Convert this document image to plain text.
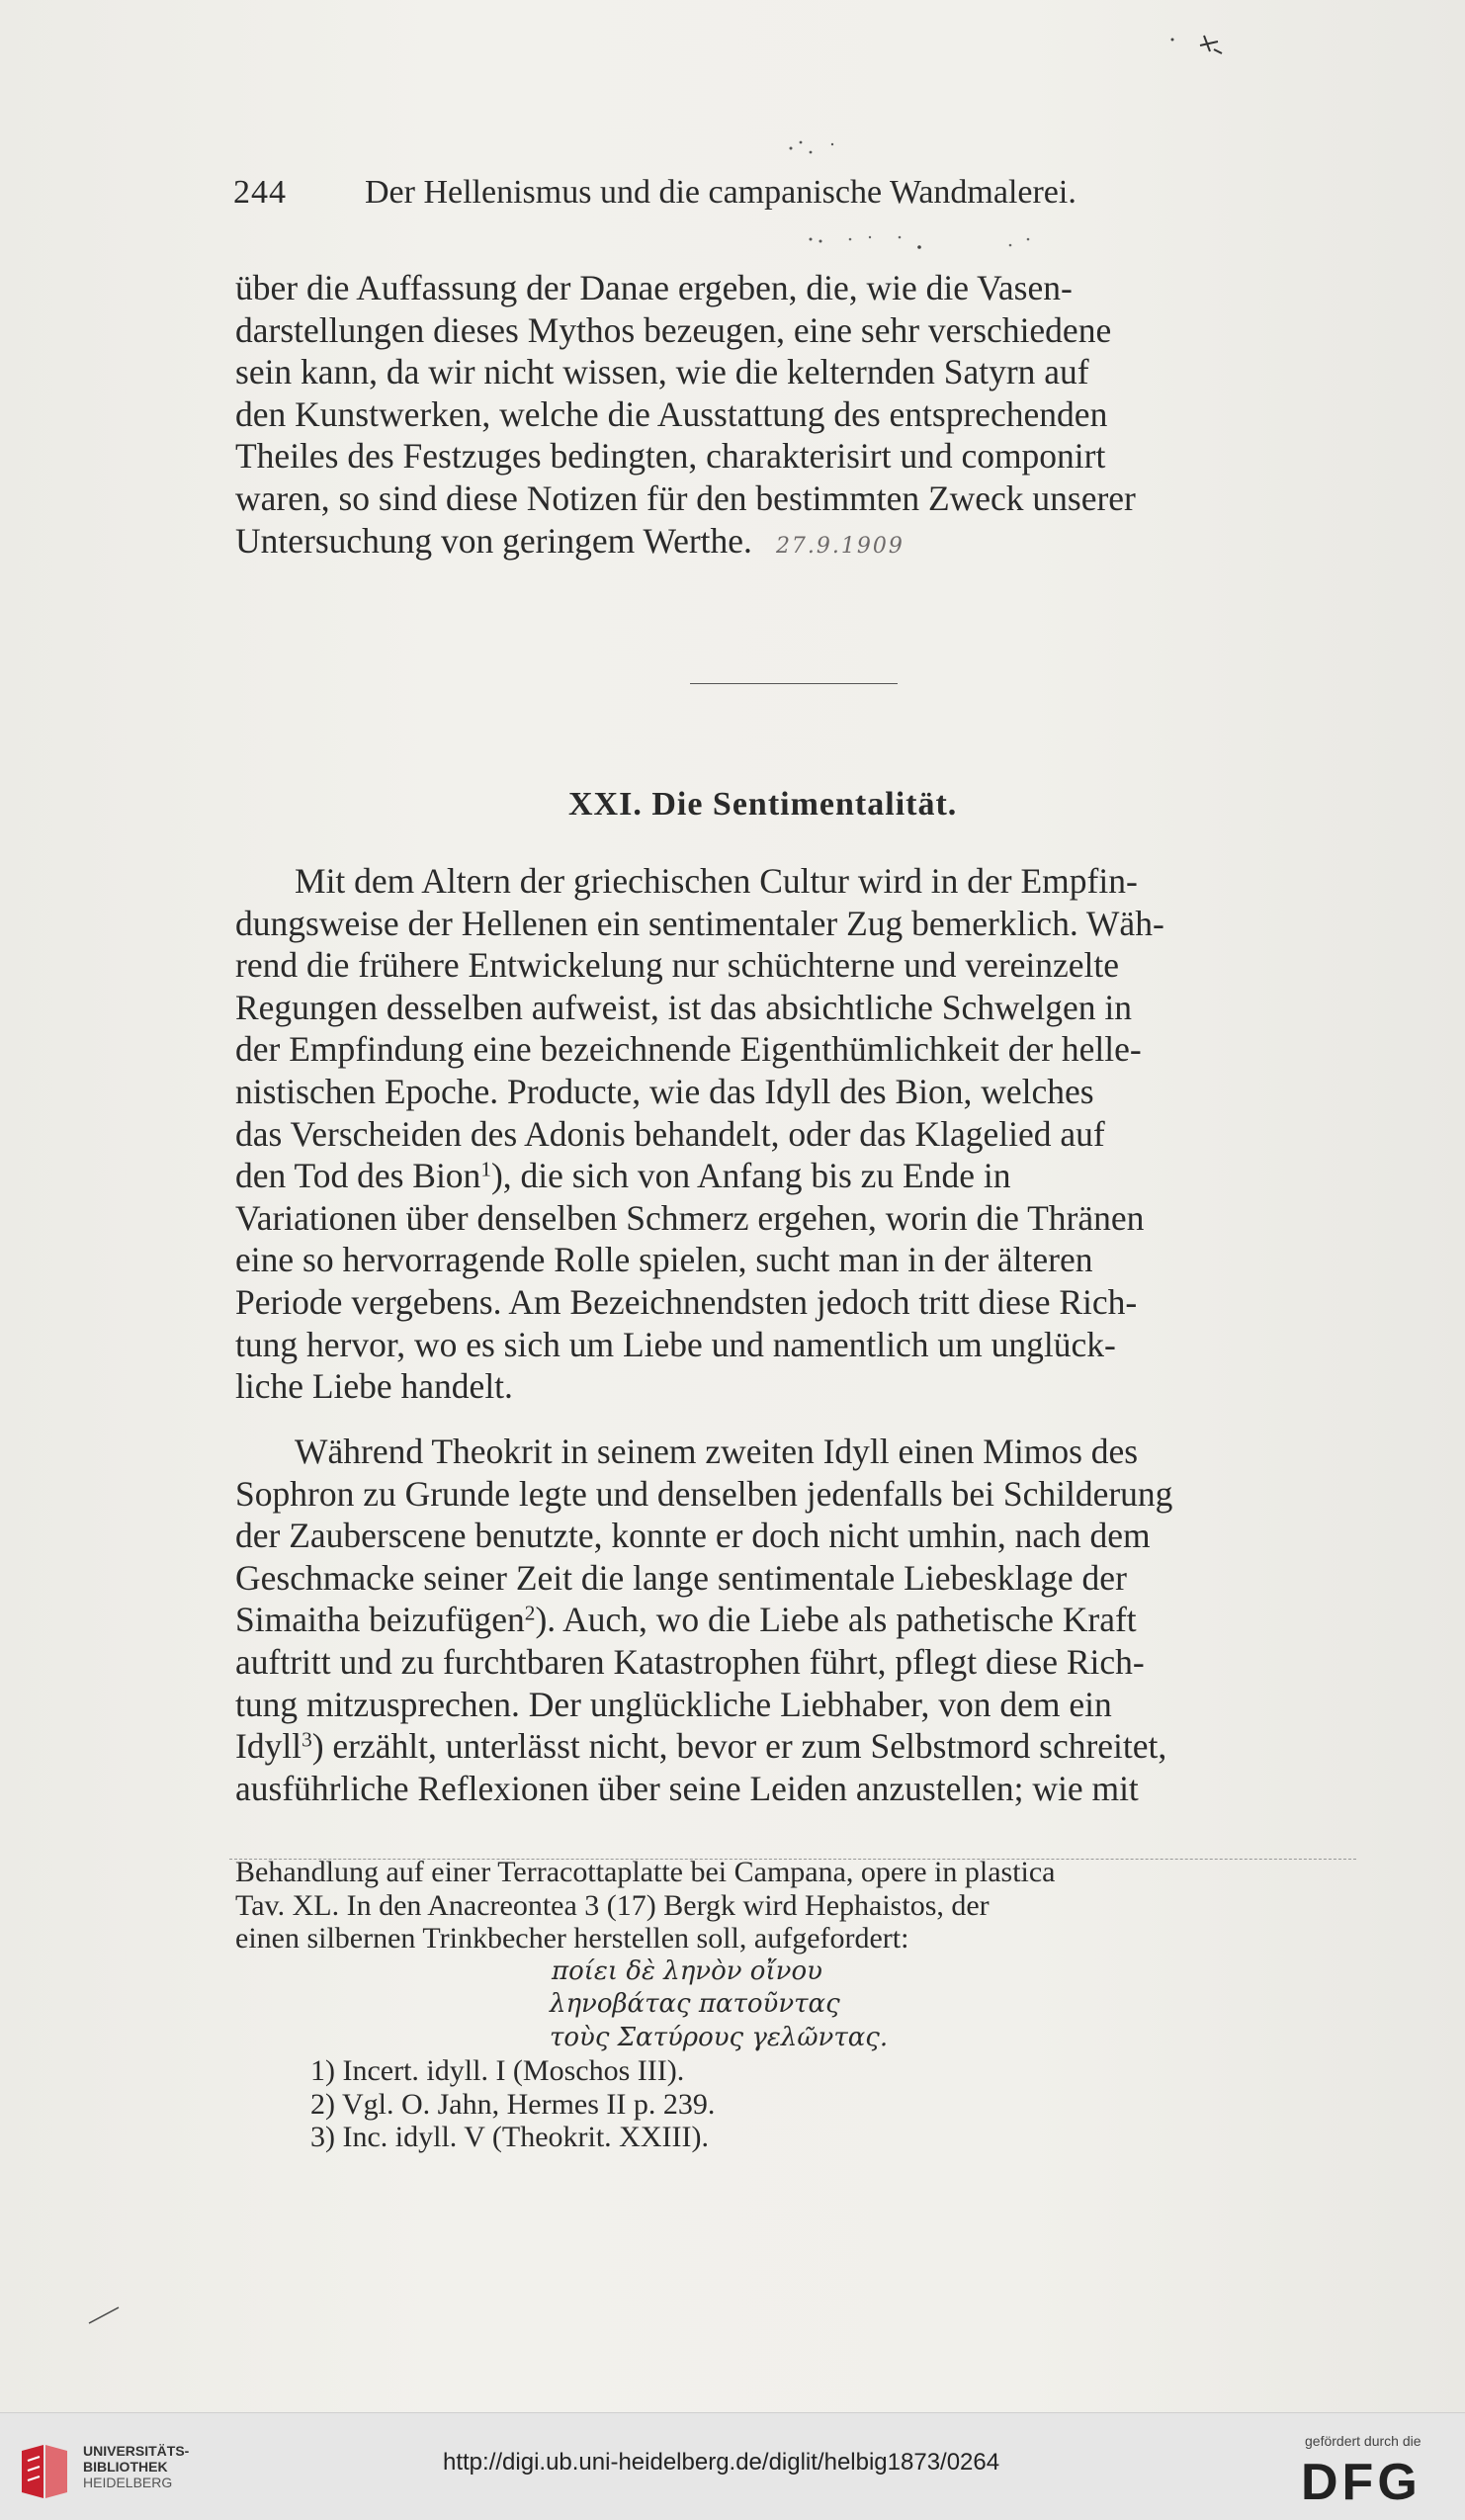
244 Der Hellenismus und die campanische Wandmalerei.

über die Auffassung der Danae ergeben, die, wie die Vasen-

darstellungen dieses Mythos bezeugen, eine sehr verschiedene

sein kann, da wir nicht wissen, wie die kelternden Satyrn auf

den Kunstwerken, welche die Ausstattung des entsprechenden

Theiles des Festzuges bedingten, charakterisirt und componirt

waren, so sind diese Notizen für den bestimmten Zweck unserer

Untersuchung von geringem Werthe. 27.9.1909

XXI. Die Sentimentalität.

Mit dem Altern der griechischen Cultur wird in der Empfin-

dungsweise der Hellenen ein sentimentaler Zug bemerklich. Wäh-

rend die frühere Entwickelung nur schüchterne und vereinzelte

Regungen desselben aufweist, ist das absichtliche Schwelgen in

der Empfindung eine bezeichnende Eigenthümlichkeit der helle-

nistischen Epoche. Producte, wie das Idyll des Bion, welches

das Verscheiden des Adonis behandelt, oder das Klagelied auf

den Tod des Bion$^1$), die sich von Anfang bis zu Ende in

Variationen über denselben Schmerz ergehen, worin die Thränen

eine so hervorragende Rolle spielen, sucht man in der älteren

Periode vergebens. Am Bezeichnendsten jedoch tritt diese Rich-

tung hervor, wo es sich um Liebe und namentlich um unglück-

liche Liebe handelt.

Während Theokrit in seinem zweiten Idyll einen Mimos des

Sophron zu Grunde legte und denselben jedenfalls bei Schilderung

der Zauberscene benutzte, konnte er doch nicht umhin, nach dem

Geschmacke seiner Zeit die lange sentimentale Liebesklage der

Simaitha beizufügen$^2$). Auch, wo die Liebe als pathetische Kraft

auftritt und zu furchtbaren Katastrophen führt, pflegt diese Rich-

tung mitzusprechen. Der unglückliche Liebhaber, von dem ein

Idyll$^3$) erzählt, unterlässt nicht, bevor er zum Selbstmord schreitet,

ausführliche Reflexionen über seine Leiden anzustellen; wie mit

Behandlung auf einer Terracottaplatte bei Campana, opere in plastica

Tav. XL. In den Anacreontea 3 (17) Bergk wird Hephaistos, der

einen silbernen Trinkbecher herstellen soll, aufgefordert:

ποίει δὲ ληνὸν οἴνου

ληνοβάτας πατοῦντας

τοὺς Σατύρους γελῶντας.

1) Incert. idyll. I (Moschos III).

2) Vgl. O. Jahn, Hermes II p. 239.

3) Inc. idyll. V (Theokrit. XXIII).

UNIVERSITÄTS-
BIBLIOTHEK
HEIDELBERG
http://digi.ub.uni-heidelberg.de/diglit/helbig1873/0264
gefördert durch die
DFG
